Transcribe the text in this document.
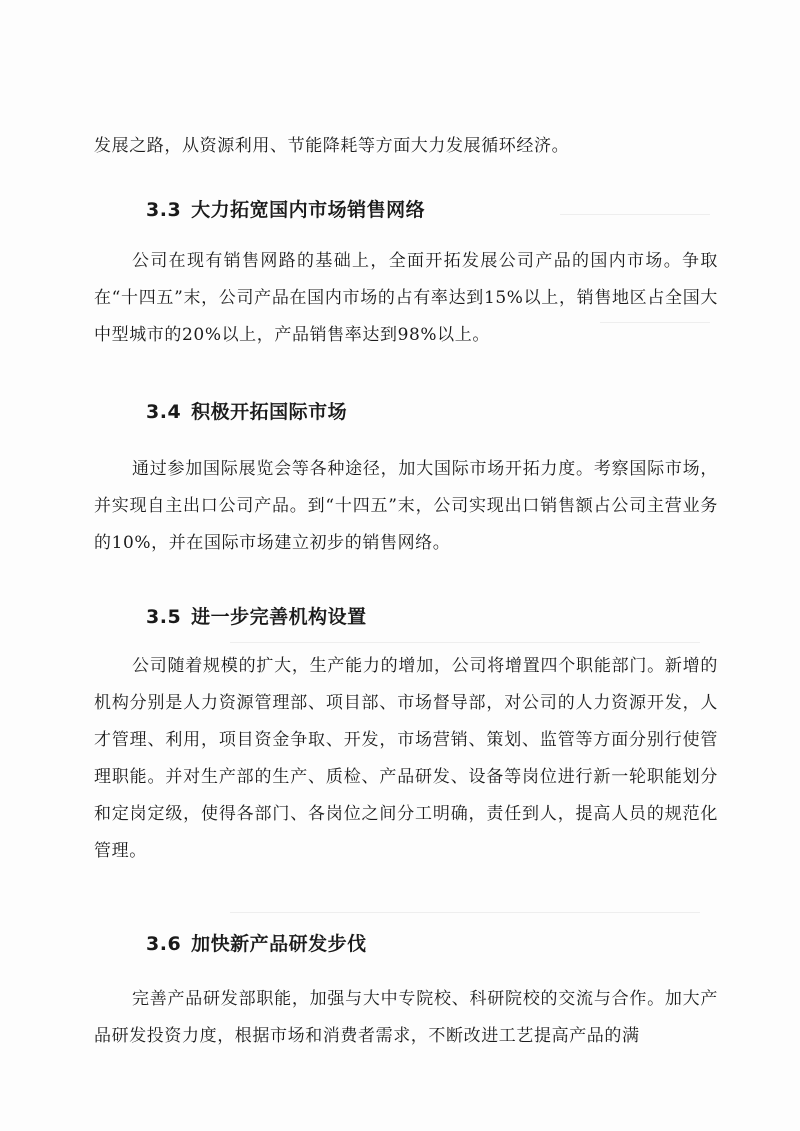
发展之路，从资源利用、节能降耗等方面大力发展循环经济。

3.3 大力拓宽国内市场销售网络

公司在现有销售网路的基础上，全面开拓发展公司产品的国内市场。争取在“十四五”末，公司产品在国内市场的占有率达到15%以上，销售地区占全国大中型城市的20%以上，产品销售率达到98%以上。

3.4 积极开拓国际市场

通过参加国际展览会等各种途径，加大国际市场开拓力度。考察国际市场，并实现自主出口公司产品。到“十四五”末，公司实现出口销售额占公司主营业务的10%，并在国际市场建立初步的销售网络。

3.5 进一步完善机构设置

公司随着规模的扩大，生产能力的增加，公司将增置四个职能部门。新增的机构分别是人力资源管理部、项目部、市场督导部，对公司的人力资源开发，人才管理、利用，项目资金争取、开发，市场营销、策划、监管等方面分别行使管理职能。并对生产部的生产、质检、产品研发、设备等岗位进行新一轮职能划分和定岗定级，使得各部门、各岗位之间分工明确，责任到人，提高人员的规范化管理。

3.6 加快新产品研发步伐

完善产品研发部职能，加强与大中专院校、科研院校的交流与合作。加大产品研发投资力度，根据市场和消费者需求，不断改进工艺提高产品的满
